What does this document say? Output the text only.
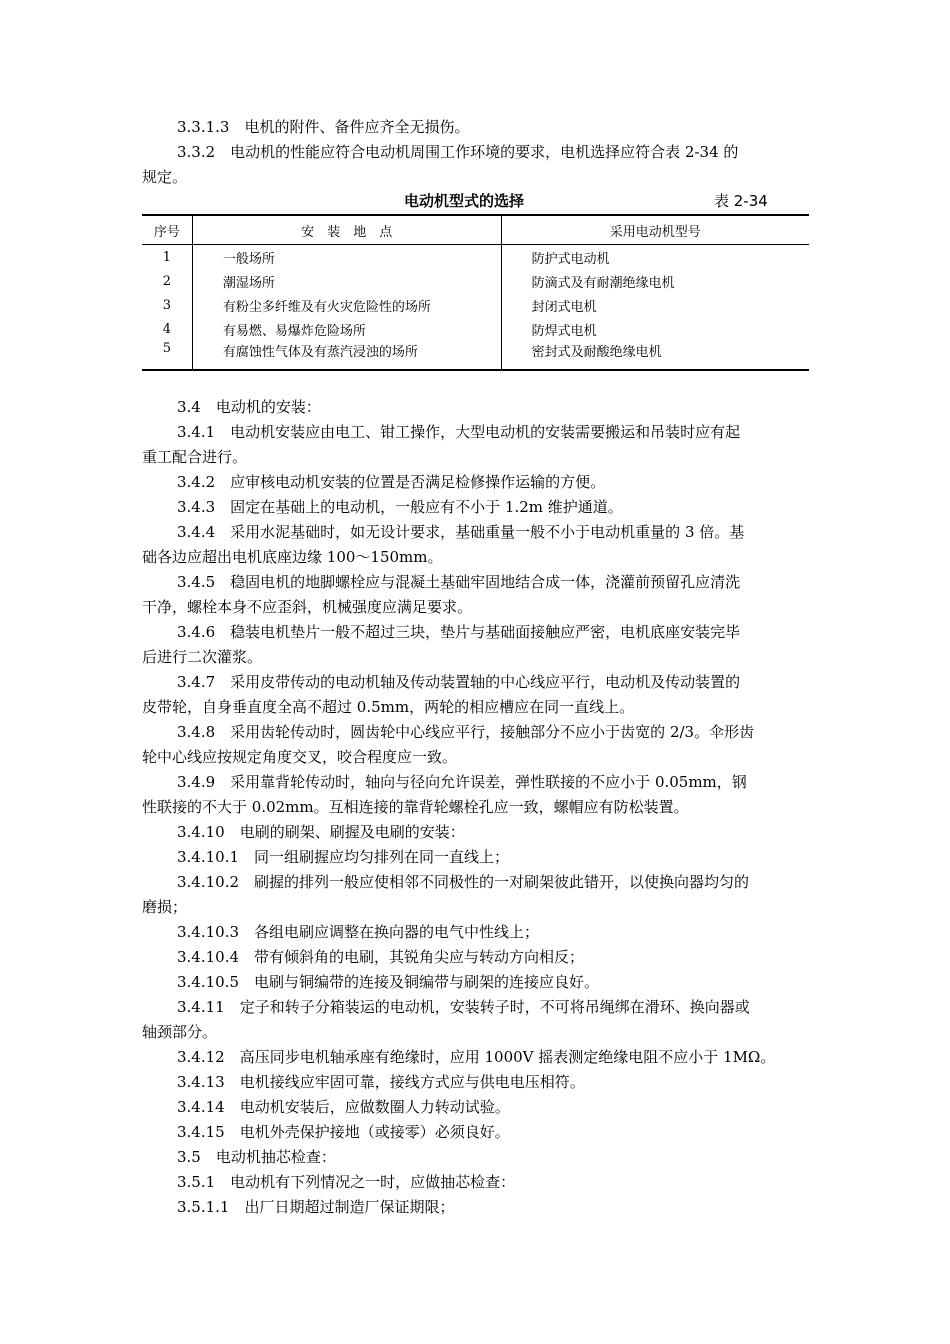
3.3.1.3　电机的附件、备件应齐全无损伤。
3.3.2　电动机的性能应符合电动机周围工作环境的要求，电机选择应符合表 2-34 的
规定。
电动机型式的选择	表 2-34
序号	安　装　地　点	采用电动机型号
1	一般场所	防护式电动机
2	潮湿场所	防滴式及有耐潮绝缘电机
3	有粉尘多纤维及有火灾危险性的场所	封闭式电机
4	有易燃、易爆炸危险场所	防焊式电机
5	有腐蚀性气体及有蒸汽浸浊的场所	密封式及耐酸绝缘电机
3.4　电动机的安装：
3.4.1　电动机安装应由电工、钳工操作，大型电动机的安装需要搬运和吊装时应有起
重工配合进行。
3.4.2　应审核电动机安装的位置是否满足检修操作运输的方便。
3.4.3　固定在基础上的电动机，一般应有不小于 1.2m 维护通道。
3.4.4　采用水泥基础时，如无设计要求，基础重量一般不小于电动机重量的 3 倍。基
础各边应超出电机底座边缘 100～150mm。
3.4.5　稳固电机的地脚螺栓应与混凝土基础牢固地结合成一体，浇灌前预留孔应清洗
干净，螺栓本身不应歪斜，机械强度应满足要求。
3.4.6　稳装电机垫片一般不超过三块，垫片与基础面接触应严密，电机底座安装完毕
后进行二次灌浆。
3.4.7　采用皮带传动的电动机轴及传动装置轴的中心线应平行，电动机及传动装置的
皮带轮，自身垂直度全高不超过 0.5mm，两轮的相应槽应在同一直线上。
3.4.8　采用齿轮传动时，圆齿轮中心线应平行，接触部分不应小于齿宽的 2/3。伞形齿
轮中心线应按规定角度交叉，咬合程度应一致。
3.4.9　采用靠背轮传动时，轴向与径向允许误差，弹性联接的不应小于 0.05mm，钢
性联接的不大于 0.02mm。互相连接的靠背轮螺栓孔应一致，螺帽应有防松装置。
3.4.10　电刷的刷架、刷握及电刷的安装：
3.4.10.1　同一组刷握应均匀排列在同一直线上；
3.4.10.2　刷握的排列一般应使相邻不同极性的一对刷架彼此错开，以使换向器均匀的
磨损；
3.4.10.3　各组电刷应调整在换向器的电气中性线上；
3.4.10.4　带有倾斜角的电刷，其锐角尖应与转动方向相反；
3.4.10.5　电刷与铜编带的连接及铜编带与刷架的连接应良好。
3.4.11　定子和转子分箱装运的电动机，安装转子时，不可将吊绳绑在滑环、换向器或
轴颈部分。
3.4.12　高压同步电机轴承座有绝缘时，应用 1000V 摇表测定绝缘电阻不应小于 1MΩ。
3.4.13　电机接线应牢固可靠，接线方式应与供电电压相符。
3.4.14　电动机安装后，应做数圈人力转动试验。
3.4.15　电机外壳保护接地（或接零）必须良好。
3.5　电动机抽芯检查：
3.5.1　电动机有下列情况之一时，应做抽芯检查：
3.5.1.1　出厂日期超过制造厂保证期限；
